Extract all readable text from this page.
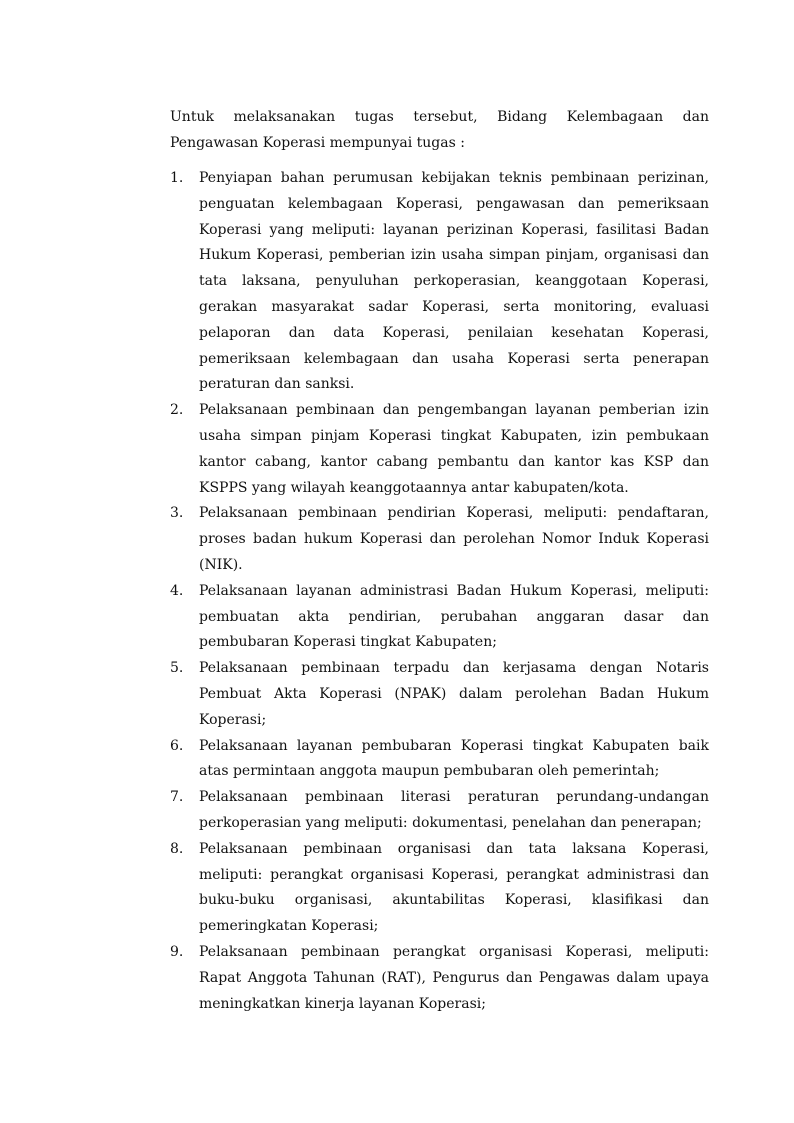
Untuk melaksanakan tugas tersebut, Bidang Kelembagaan dan Pengawasan Koperasi mempunyai tugas :

1.	Penyiapan bahan perumusan kebijakan teknis pembinaan perizinan, penguatan kelembagaan Koperasi, pengawasan dan pemeriksaan Koperasi yang meliputi: layanan perizinan Koperasi, fasilitasi Badan Hukum Koperasi, pemberian izin usaha simpan pinjam, organisasi dan tata laksana, penyuluhan perkoperasian, keanggotaan Koperasi, gerakan masyarakat sadar Koperasi, serta monitoring, evaluasi pelaporan dan data Koperasi, penilaian kesehatan Koperasi, pemeriksaan kelembagaan dan usaha Koperasi serta penerapan peraturan dan sanksi.
2.	Pelaksanaan pembinaan dan pengembangan layanan pemberian izin usaha simpan pinjam Koperasi tingkat Kabupaten, izin pembukaan kantor cabang, kantor cabang pembantu dan kantor kas KSP dan KSPPS yang wilayah keanggotaannya antar kabupaten/kota.
3.	Pelaksanaan pembinaan pendirian Koperasi, meliputi: pendaftaran, proses badan hukum Koperasi dan perolehan Nomor Induk Koperasi (NIK).
4.	Pelaksanaan layanan administrasi Badan Hukum Koperasi, meliputi: pembuatan akta pendirian, perubahan anggaran dasar dan pembubaran Koperasi tingkat Kabupaten;
5.	Pelaksanaan pembinaan terpadu dan kerjasama dengan Notaris Pembuat Akta Koperasi (NPAK) dalam perolehan Badan Hukum Koperasi;
6.	Pelaksanaan layanan pembubaran Koperasi tingkat Kabupaten baik atas permintaan anggota maupun pembubaran oleh pemerintah;
7.	Pelaksanaan pembinaan literasi peraturan perundang-undangan perkoperasian yang meliputi: dokumentasi, penelahan dan penerapan;
8.	Pelaksanaan pembinaan organisasi dan tata laksana Koperasi, meliputi: perangkat organisasi Koperasi, perangkat administrasi dan buku-buku organisasi, akuntabilitas Koperasi, klasifikasi dan pemeringkatan Koperasi;
9.	Pelaksanaan pembinaan perangkat organisasi Koperasi, meliputi: Rapat Anggota Tahunan (RAT), Pengurus dan Pengawas dalam upaya meningkatkan kinerja layanan Koperasi;
